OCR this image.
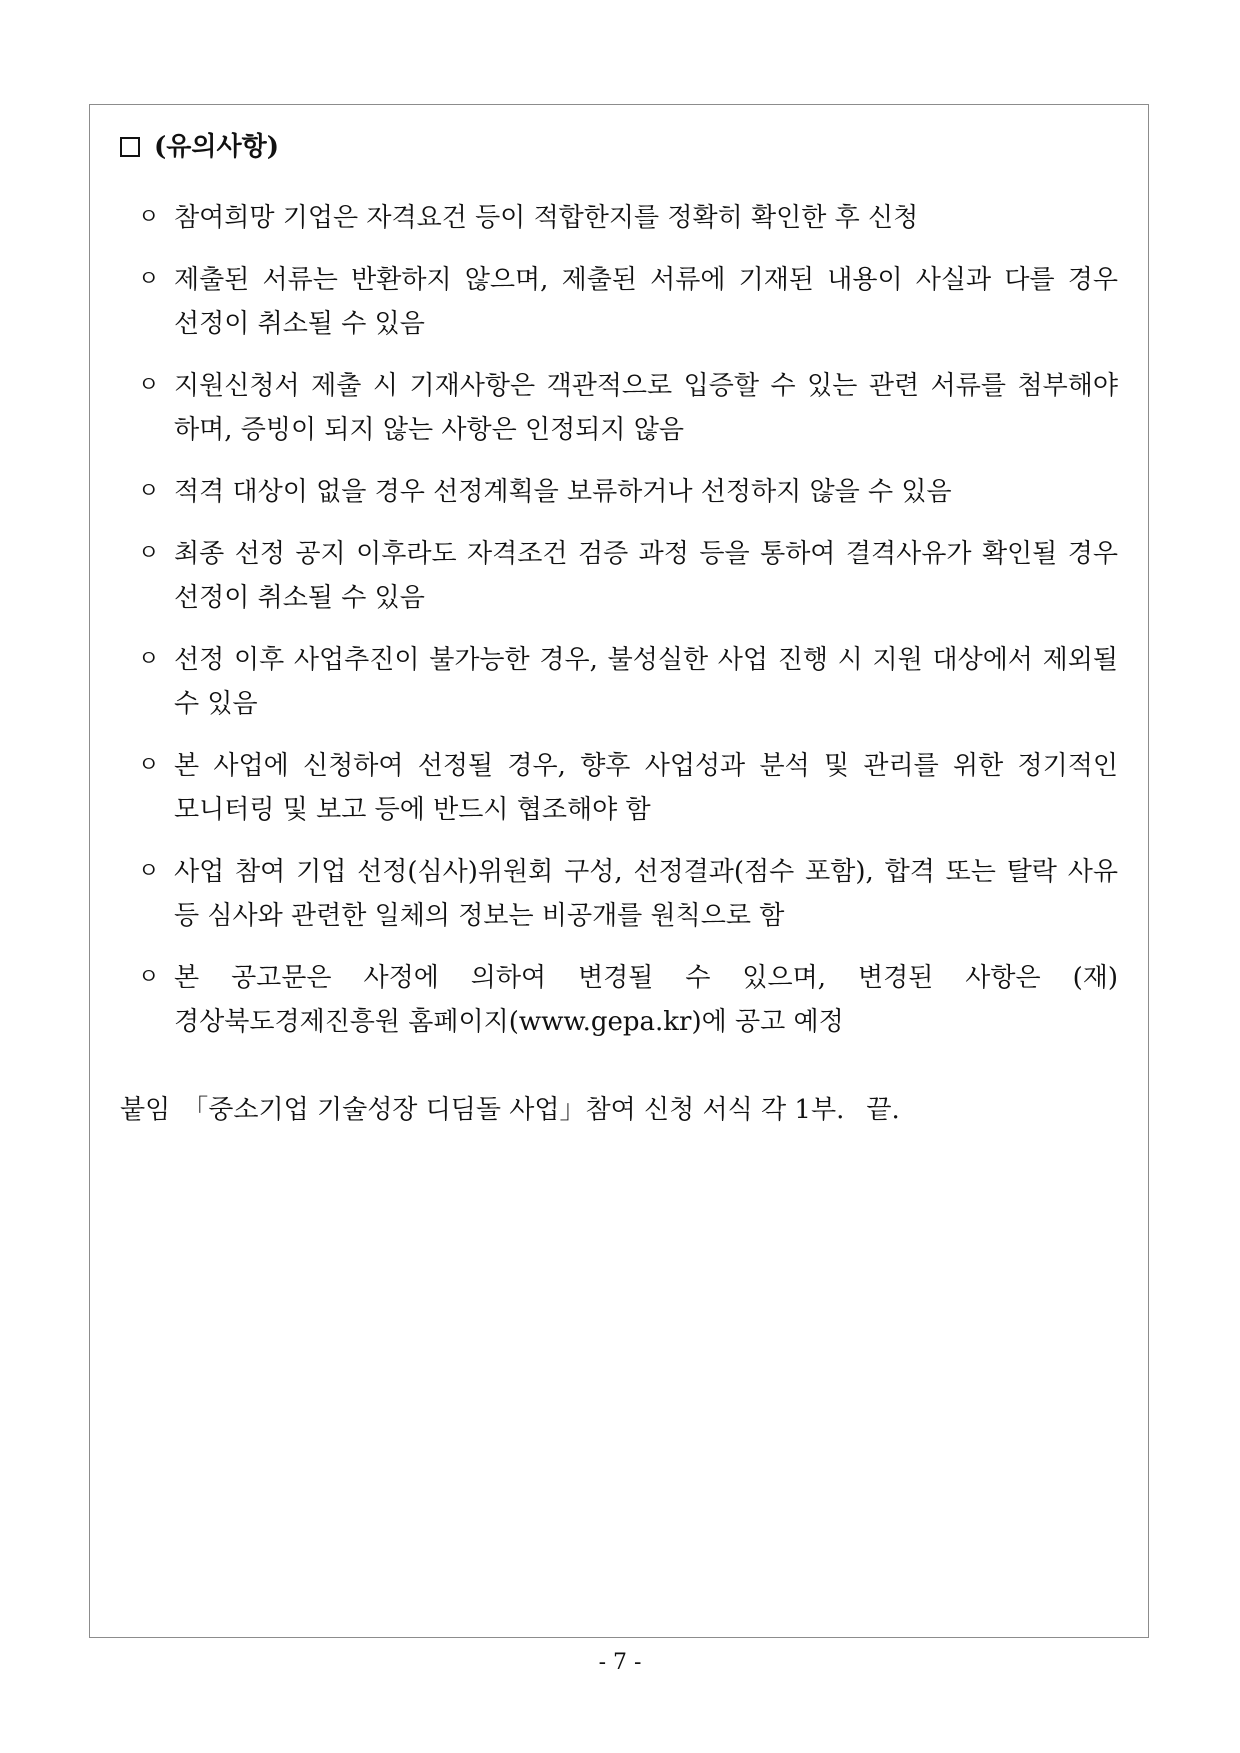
(유의사항)
ㅇ 참여희망 기업은 자격요건 등이 적합한지를 정확히 확인한 후 신청
ㅇ 제출된 서류는 반환하지 않으며, 제출된 서류에 기재된 내용이 사실과 다를 경우 선정이 취소될 수 있음
ㅇ 지원신청서 제출 시 기재사항은 객관적으로 입증할 수 있는 관련 서류를 첨부해야 하며, 증빙이 되지 않는 사항은 인정되지 않음
ㅇ 적격 대상이 없을 경우 선정계획을 보류하거나 선정하지 않을 수 있음
ㅇ 최종 선정 공지 이후라도 자격조건 검증 과정 등을 통하여 결격사유가 확인될 경우 선정이 취소될 수 있음
ㅇ 선정 이후 사업추진이 불가능한 경우, 불성실한 사업 진행 시 지원 대상에서 제외될 수 있음
ㅇ 본 사업에 신청하여 선정될 경우, 향후 사업성과 분석 및 관리를 위한 정기적인 모니터링 및 보고 등에 반드시 협조해야 함
ㅇ 사업 참여 기업 선정(심사)위원회 구성, 선정결과(점수 포함), 합격 또는 탈락 사유 등 심사와 관련한 일체의 정보는 비공개를 원칙으로 함
ㅇ 본 공고문은 사정에 의하여 변경될 수 있으며, 변경된 사항은 (재)경상북도경제진흥원 홈페이지(www.gepa.kr)에 공고 예정
붙임 「중소기업 기술성장 디딤돌 사업」참여 신청 서식 각 1부. 끝.
- 7 -
